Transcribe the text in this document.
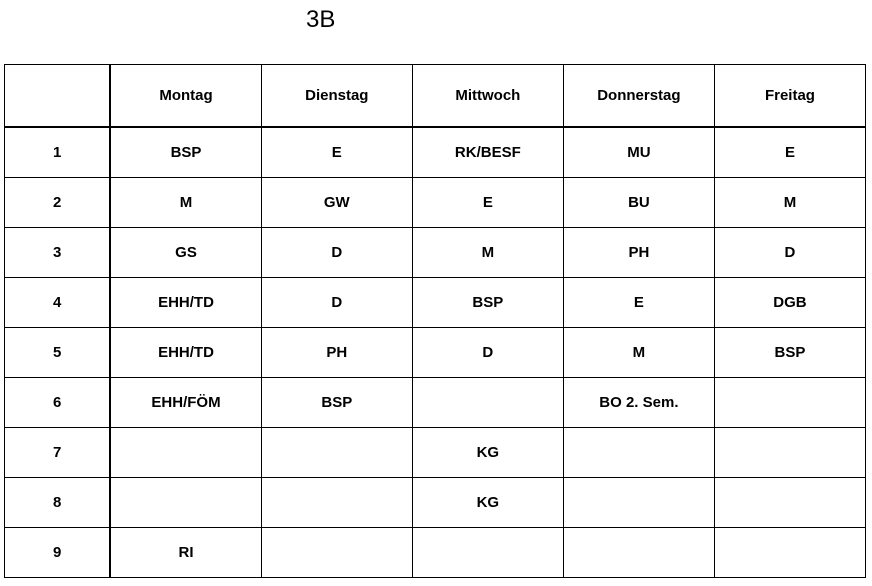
3B
	Montag	Dienstag	Mittwoch	Donnerstag	Freitag
1	BSP	E	RK/BESF	MU	E
2	M	GW	E	BU	M
3	GS	D	M	PH	D
4	EHH/TD	D	BSP	E	DGB
5	EHH/TD	PH	D	M	BSP
6	EHH/FÖM	BSP		BO 2. Sem.	
7			KG		
8			KG		
9	RI				
